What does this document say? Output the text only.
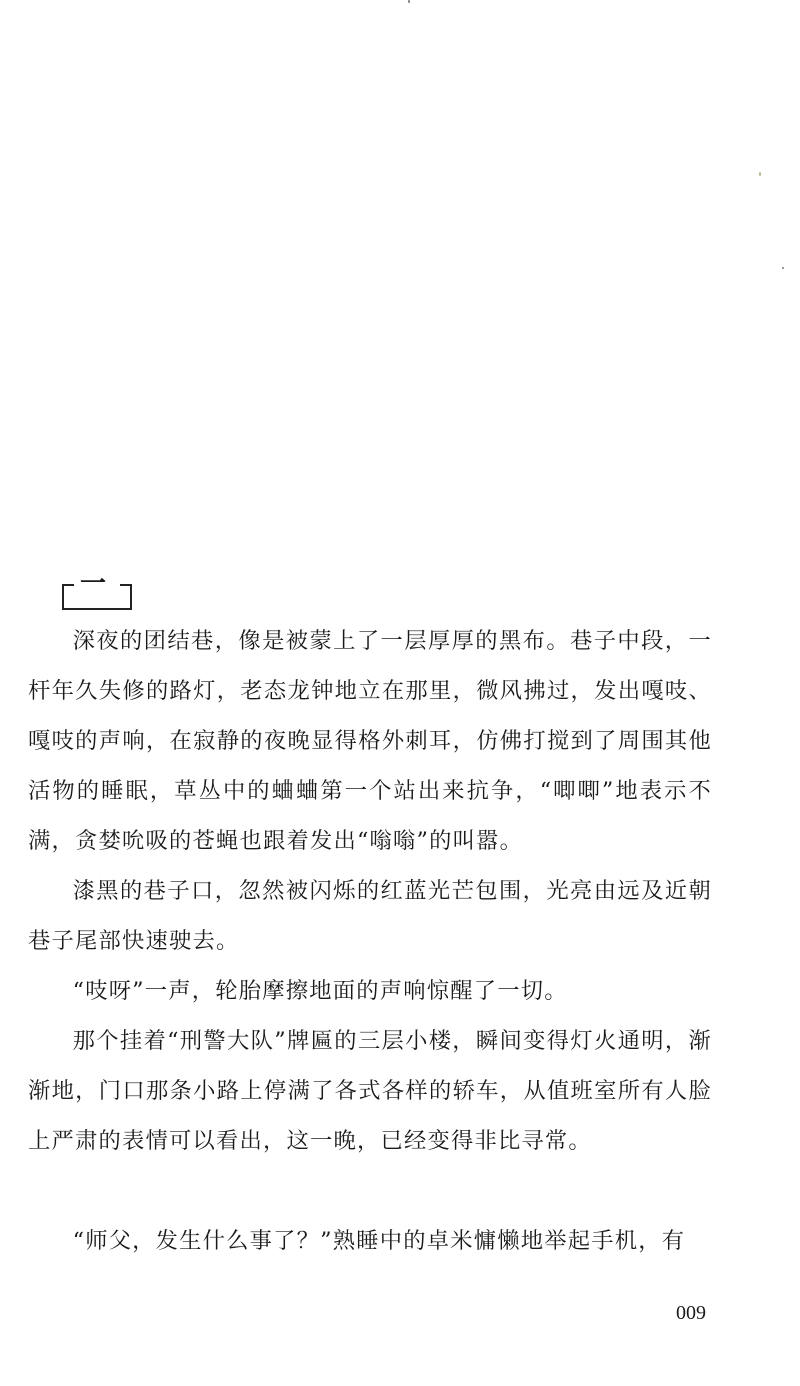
一

深夜的团结巷，像是被蒙上了一层厚厚的黑布。巷子中段，一杆年久失修的路灯，老态龙钟地立在那里，微风拂过，发出嘎吱、嘎吱的声响，在寂静的夜晚显得格外刺耳，仿佛打搅到了周围其他活物的睡眠，草丛中的蛐蛐第一个站出来抗争，“唧唧”地表示不满，贪婪吮吸的苍蝇也跟着发出“嗡嗡”的叫嚣。

漆黑的巷子口，忽然被闪烁的红蓝光芒包围，光亮由远及近朝巷子尾部快速驶去。

“吱呀”一声，轮胎摩擦地面的声响惊醒了一切。

那个挂着“刑警大队”牌匾的三层小楼，瞬间变得灯火通明，渐渐地，门口那条小路上停满了各式各样的轿车，从值班室所有人脸上严肃的表情可以看出，这一晚，已经变得非比寻常。

“师父，发生什么事了？”熟睡中的卓米慵懒地举起手机，有

009
